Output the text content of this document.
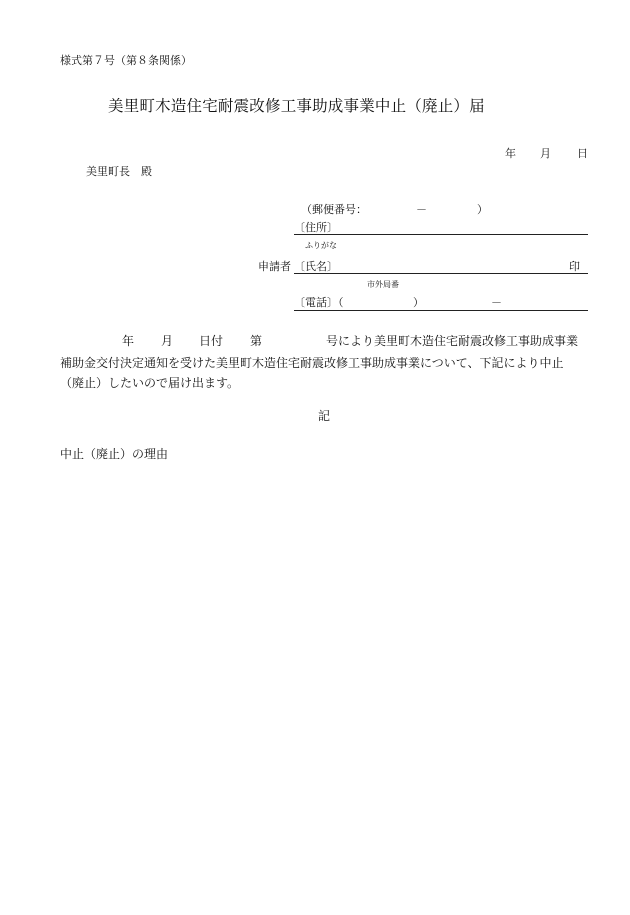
様式第７号（第８条関係）
美里町木造住宅耐震改修工事助成事業中止（廃止）届
年 月 日
美里町長　殿
（郵便番号：	－	）
〔住所〕
ふりがな
申請者 〔氏名〕	印
市外局番
〔電話〕（	）	－
年 月 日付 第	号により美里町木造住宅耐震改修工事助成事業
補助金交付決定通知を受けた美里町木造住宅耐震改修工事助成事業について、下記により中止
（廃止）したいので届け出ます。
記
中止（廃止）の理由
